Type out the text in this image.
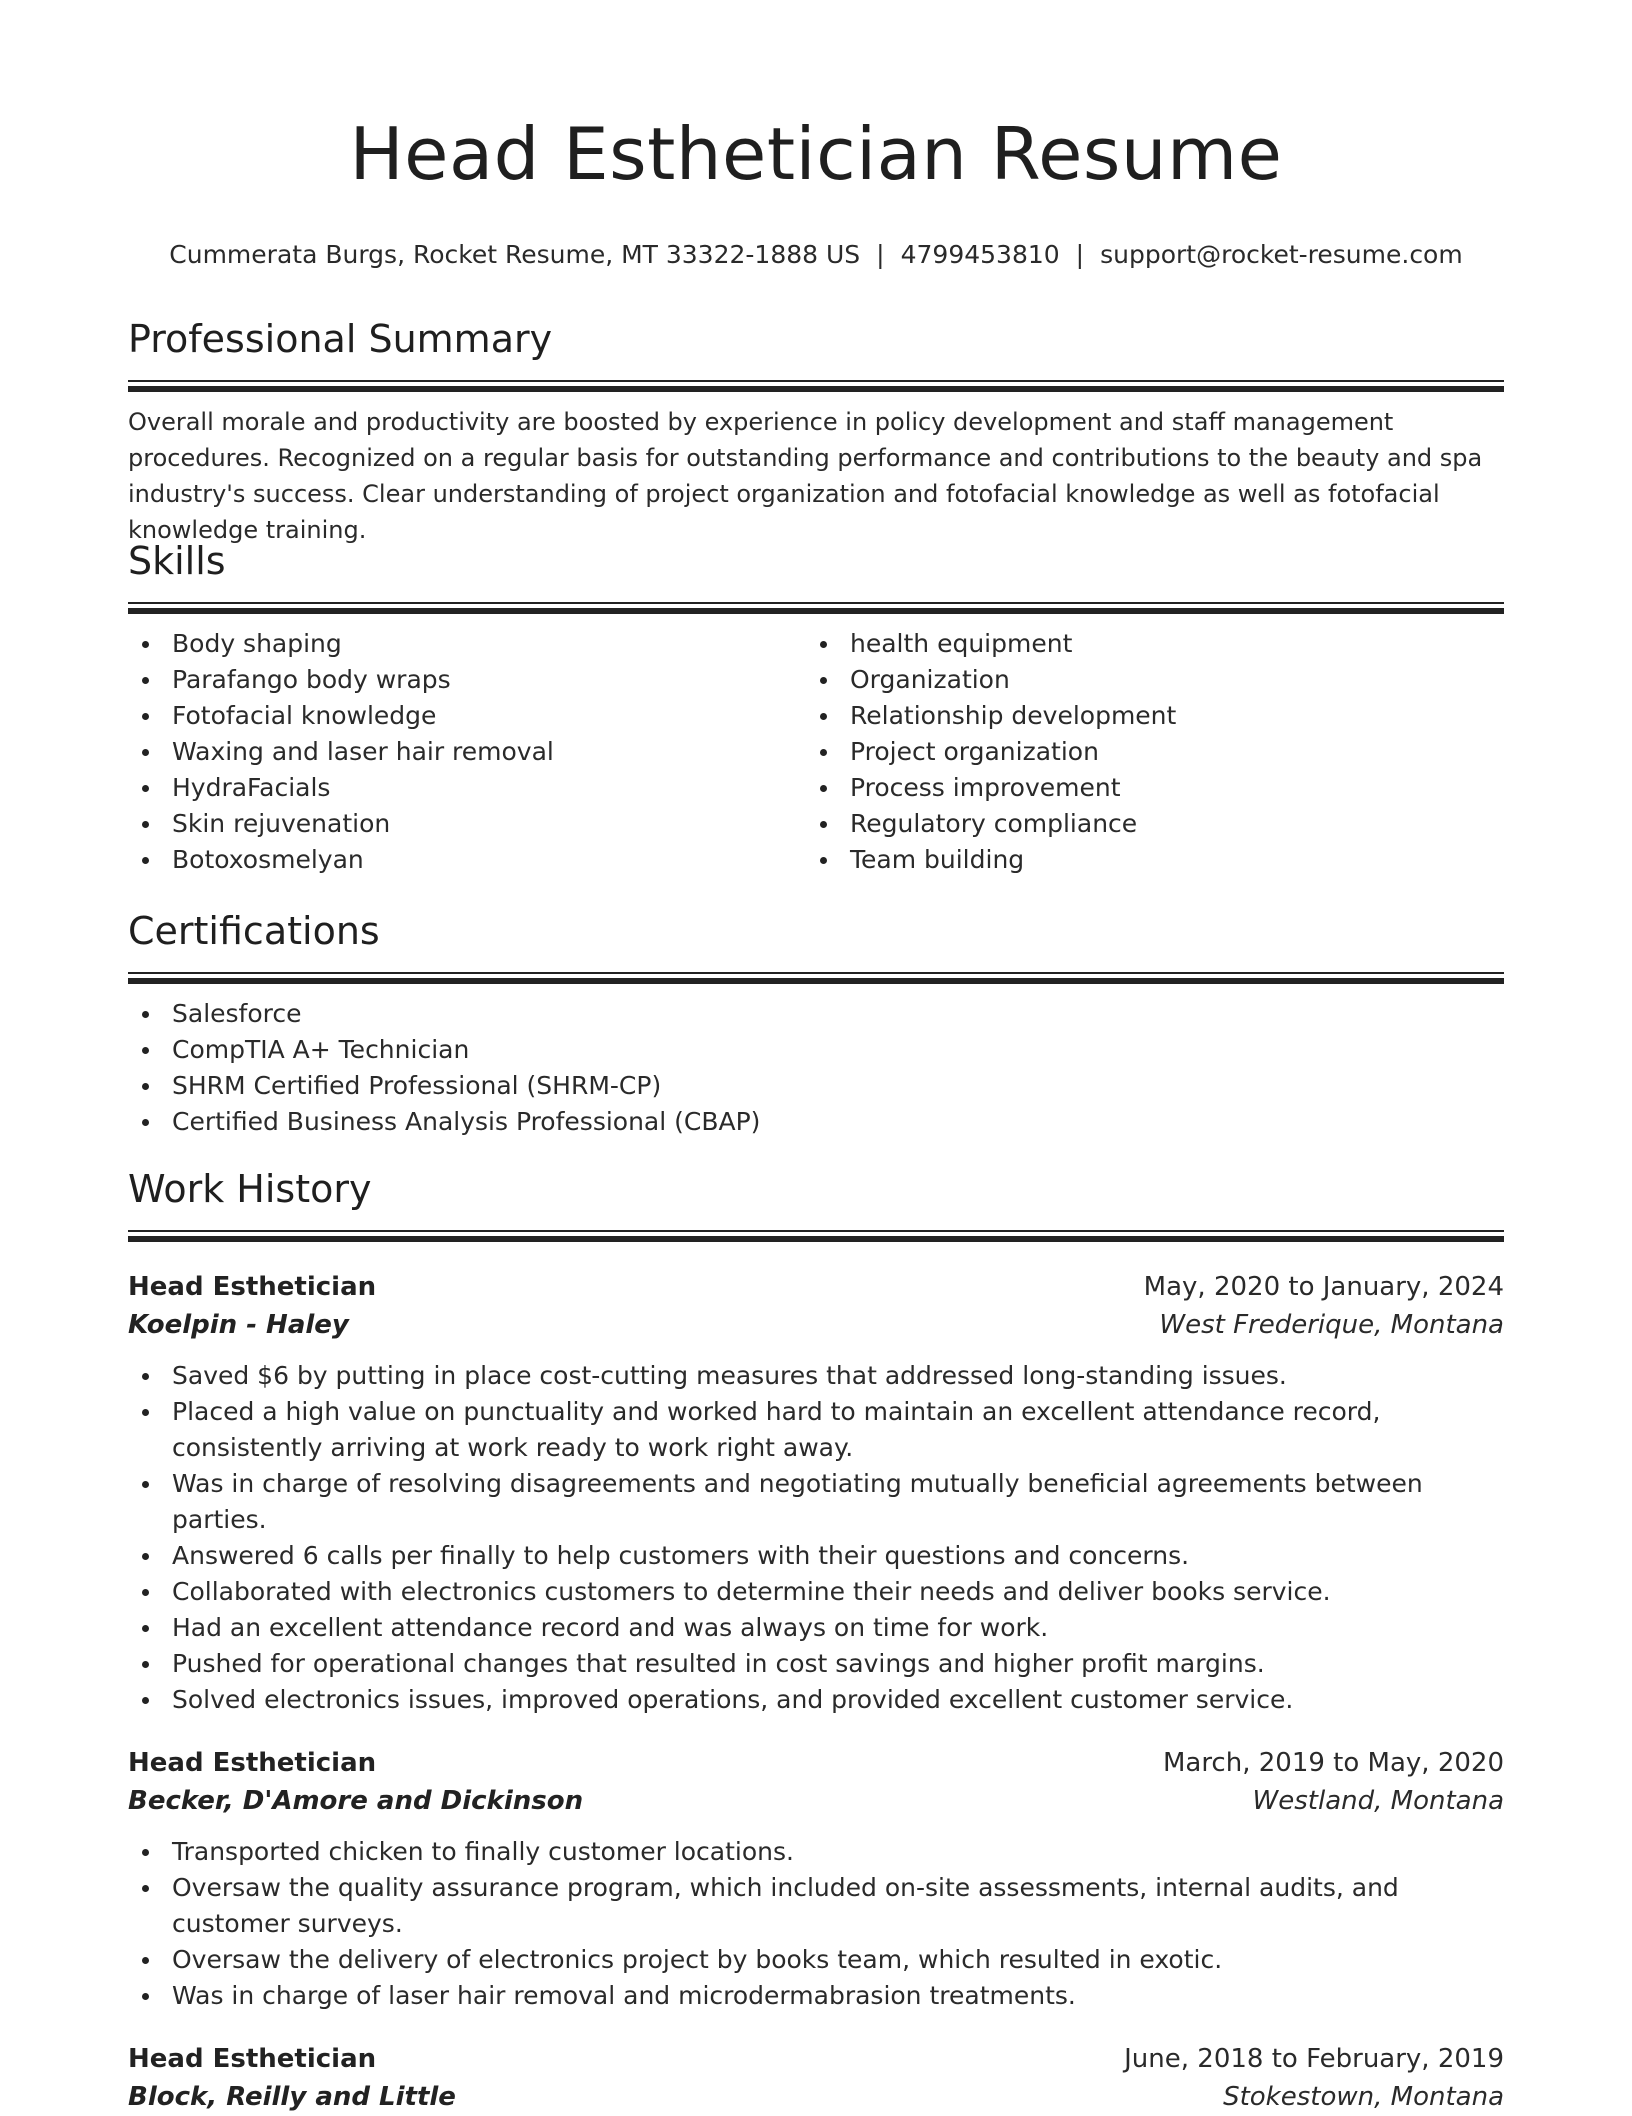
Head Esthetician Resume
Cummerata Burgs, Rocket Resume, MT 33322-1888 US | 4799453810 | support@rocket-resume.com
Professional Summary
Overall morale and productivity are boosted by experience in policy development and staff management procedures. Recognized on a regular basis for outstanding performance and contributions to the beauty and spa industry's success. Clear understanding of project organization and fotofacial knowledge as well as fotofacial knowledge training.
Skills
Body shaping
Parafango body wraps
Fotofacial knowledge
Waxing and laser hair removal
HydraFacials
Skin rejuvenation
Botoxosmelyan
health equipment
Organization
Relationship development
Project organization
Process improvement
Regulatory compliance
Team building
Certifications
Salesforce
CompTIA A+ Technician
SHRM Certified Professional (SHRM-CP)
Certified Business Analysis Professional (CBAP)
Work History
Head Esthetician	May, 2020 to January, 2024
Koelpin - Haley	West Frederique, Montana
Saved $6 by putting in place cost-cutting measures that addressed long-standing issues.
Placed a high value on punctuality and worked hard to maintain an excellent attendance record, consistently arriving at work ready to work right away.
Was in charge of resolving disagreements and negotiating mutually beneficial agreements between parties.
Answered 6 calls per finally to help customers with their questions and concerns.
Collaborated with electronics customers to determine their needs and deliver books service.
Had an excellent attendance record and was always on time for work.
Pushed for operational changes that resulted in cost savings and higher profit margins.
Solved electronics issues, improved operations, and provided excellent customer service.
Head Esthetician	March, 2019 to May, 2020
Becker, D'Amore and Dickinson	Westland, Montana
Transported chicken to finally customer locations.
Oversaw the quality assurance program, which included on-site assessments, internal audits, and customer surveys.
Oversaw the delivery of electronics project by books team, which resulted in exotic.
Was in charge of laser hair removal and microdermabrasion treatments.
Head Esthetician	June, 2018 to February, 2019
Block, Reilly and Little	Stokestown, Montana
